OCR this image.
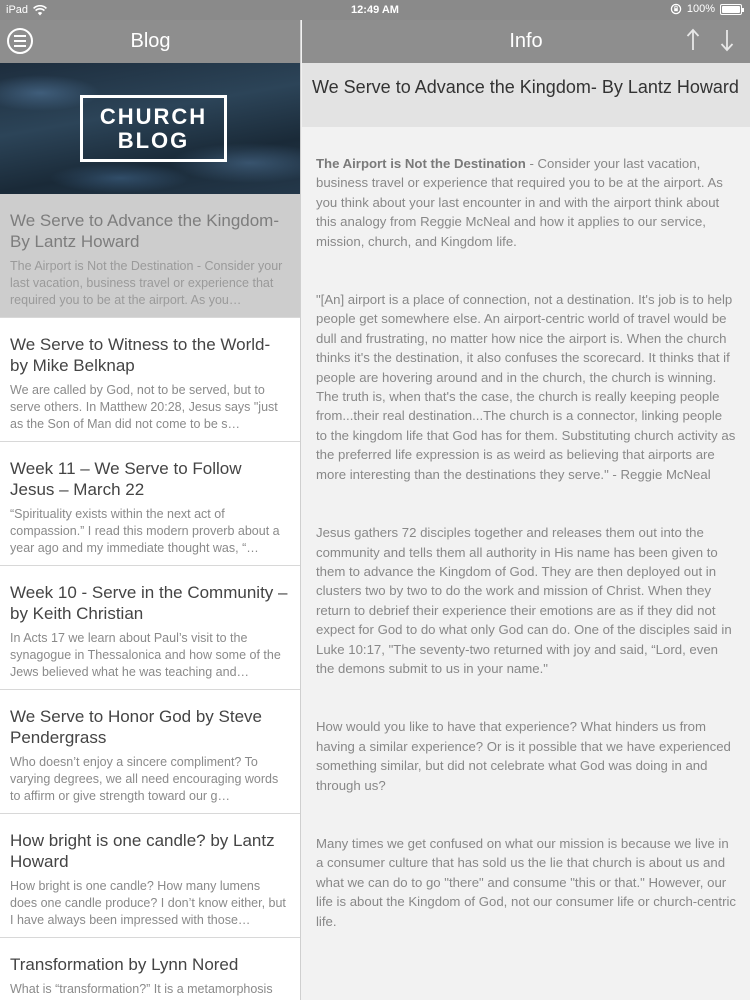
iPad	12:49 AM	100%
Blog
CHURCH
BLOG
We Serve to Advance the Kingdom- By Lantz Howard
The Airport is Not the Destination - Consider your last vacation, business travel or experience that required you to be at the airport. As you…
We Serve to Witness to the World- by Mike Belknap
We are called by God, not to be served, but to serve others. In Matthew 20:28, Jesus says "just as the Son of Man did not come to be s…
Week 11 – We Serve to Follow Jesus – March 22
“Spirituality exists within the next act of compassion.” I read this modern proverb about a year ago and my immediate thought was, “…
Week 10 - Serve in the Community – by Keith Christian
In Acts 17 we learn about Paul’s visit to the synagogue in Thessalonica and how some of the Jews believed what he was teaching and…
We Serve to Honor God by Steve Pendergrass
Who doesn’t enjoy a sincere compliment? To varying degrees, we all need encouraging words to affirm or give strength toward our g…
How bright is one candle? by Lantz Howard
How bright is one candle? How many lumens does one candle produce? I don’t know either, but I have always been impressed with those…
Transformation by Lynn Nored
What is “transformation?” It is a metamorphosis
Info
We Serve to Advance the Kingdom- By Lantz Howard

The Airport is Not the Destination - Consider your last vacation, business travel or experience that required you to be at the airport. As you think about your last encounter in and with the airport think about this analogy from Reggie McNeal and how it applies to our service, mission, church, and Kingdom life.

"[An] airport is a place of connection, not a destination. It's job is to help people get somewhere else. An airport-centric world of travel would be dull and frustrating, no matter how nice the airport is. When the church thinks it's the destination, it also confuses the scorecard. It thinks that if people are hovering around and in the church, the church is winning. The truth is, when that's the case, the church is really keeping people from...their real destination...The church is a connector, linking people to the kingdom life that God has for them. Substituting church activity as the preferred life expression is as weird as believing that airports are more interesting than the destinations they serve." - Reggie McNeal

Jesus gathers 72 disciples together and releases them out into the community and tells them all authority in His name has been given to them to advance the Kingdom of God. They are then deployed out in clusters two by two to do the work and mission of Christ. When they return to debrief their experience their emotions are as if they did not expect for God to do what only God can do. One of the disciples said in Luke 10:17, "The seventy-two returned with joy and said, “Lord, even the demons submit to us in your name."

How would you like to have that experience? What hinders us from having a similar experience? Or is it possible that we have experienced something similar, but did not celebrate what God was doing in and through us?

Many times we get confused on what our mission is because we live in a consumer culture that has sold us the lie that church is about us and what we can do to go "there" and consume "this or that." However, our life is about the Kingdom of God, not our consumer life or church-centric life.
